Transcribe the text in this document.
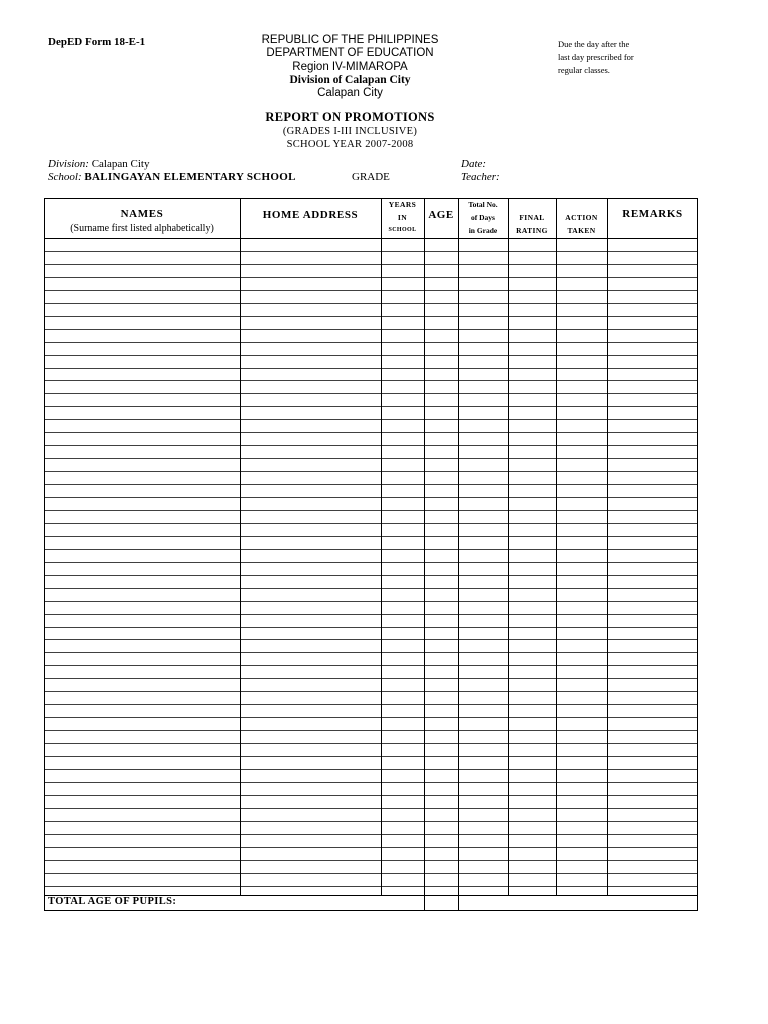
DepED Form 18-E-1	REPUBLIC OF THE PHILIPPINES
DEPARTMENT OF EDUCATION
Region IV-MIMAROPA
Division of Calapan City
Calapan City
Due the day after the
last day prescribed for
regular classes.
REPORT ON PROMOTIONS
(GRADES I-III INCLUSIVE)
SCHOOL YEAR 2007-2008
Division: Calapan City
School: BALINGAYAN ELEMENTARY SCHOOL	GRADE
Date:
Teacher:
NAMES
(Surname first listed alphabetically)
HOME ADDRESS
YEARS
IN
SCHOOL
AGE
Total No.
of Days
in Grade
FINAL
RATING
ACTION
TAKEN
REMARKS
TOTAL AGE OF PUPILS:
